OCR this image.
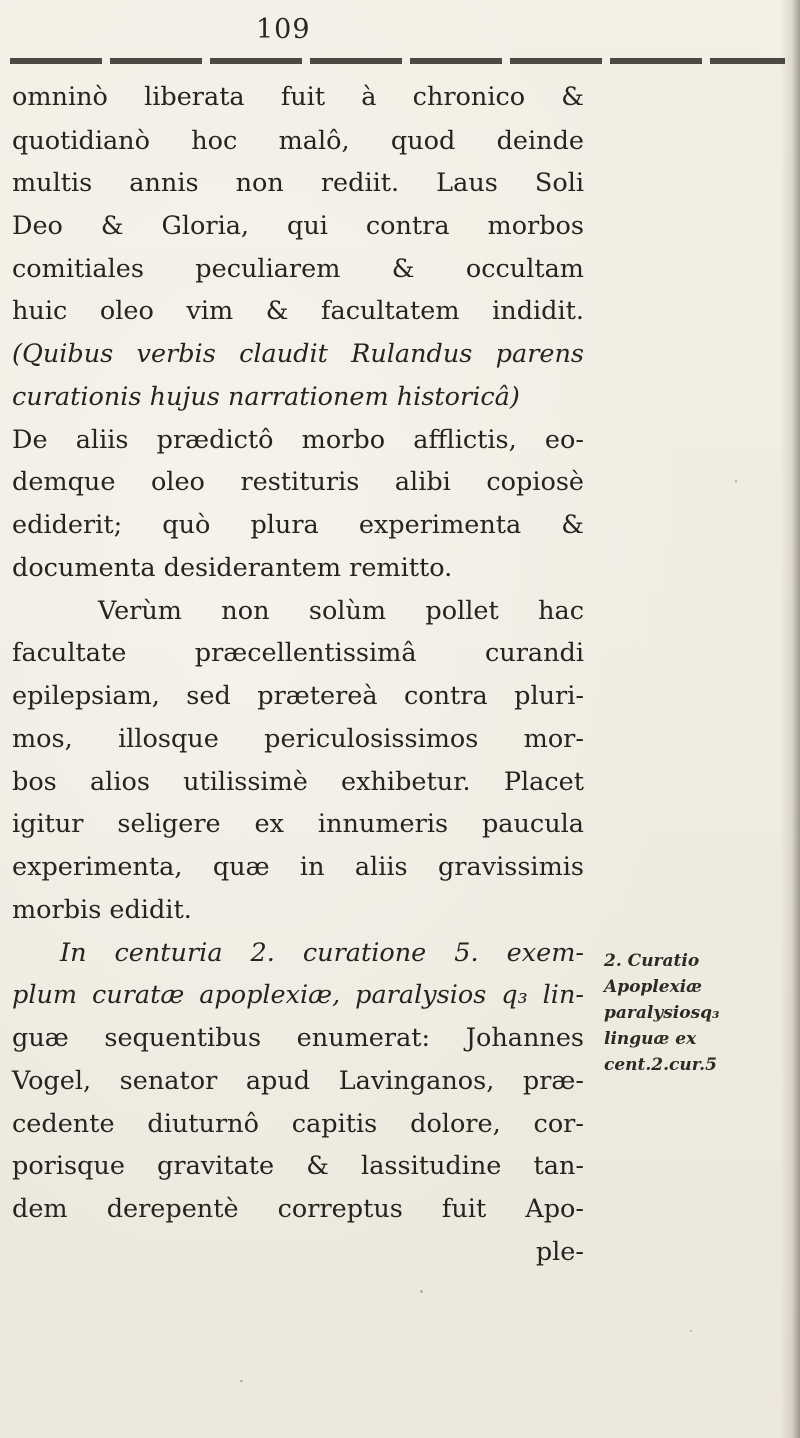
109
omninò liberata fuit à chronico &
quotidianò hoc malô, quod deinde
multis annis non rediit. Laus Soli
Deo & Gloria, qui contra morbos
comitiales peculiarem & occultam
huic oleo vim & facultatem indidit.
(Quibus verbis claudit Rulandus parens
curationis hujus narrationem historicâ)
De aliis prædictô morbo afflictis, eo-
demque oleo restituris alibi copiosè
ediderit; quò plura experimenta &
documenta desiderantem remitto.
Verùm non solùm pollet hac
facultate præcellentissimâ curandi
epilepsiam, sed prætereà contra pluri-
mos, illosque periculosissimos mor-
bos alios utilissimè exhibetur. Placet
igitur seligere ex innumeris paucula
experimenta, quæ in aliis gravissimis
morbis edidit.
In centuria 2. curatione 5. exem-
plum curatæ apoplexiæ, paralysios q₃ lin-
guæ sequentibus enumerat: Johannes
Vogel, senator apud Lavinganos, præ-
cedente diuturnô capitis dolore, cor-
porisque gravitate & lassitudine tan-
dem derepentè correptus fuit Apo-
ple-
2. Curatio
Apoplexiæ
paralysiosq₃
linguæ ex
cent.2.cur.5
